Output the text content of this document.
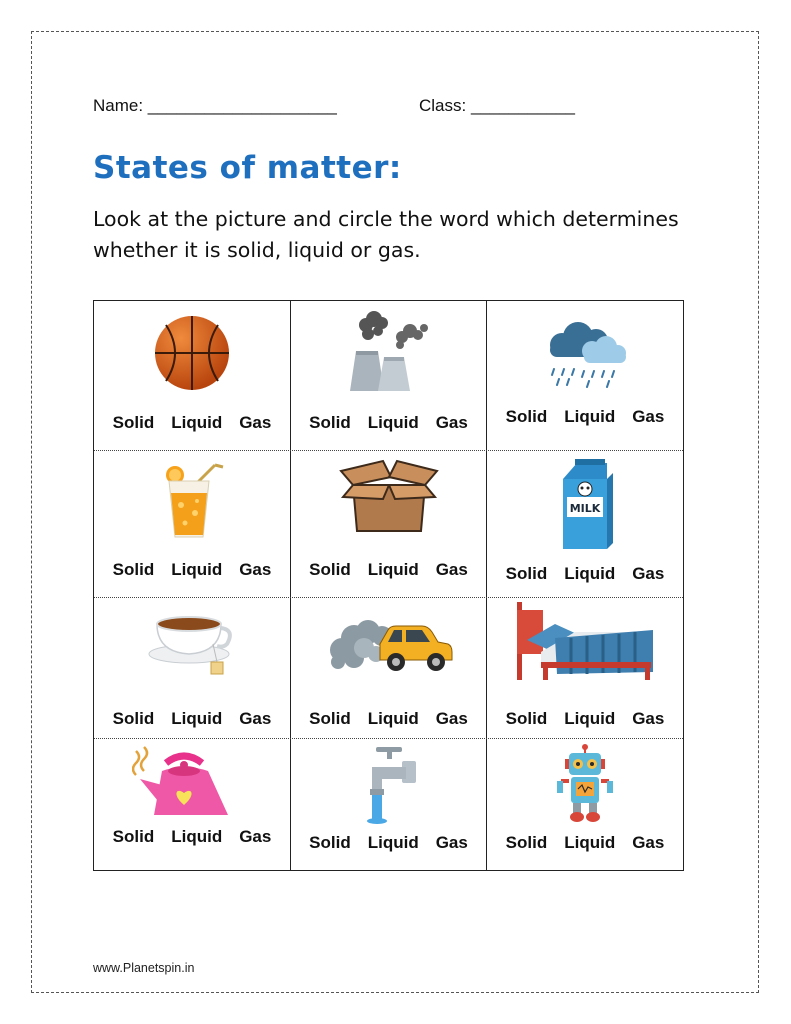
Name: ____________________	Class: ___________
States of matter:
Look at the picture and circle the word which determines whether it is solid, liquid or gas.
Solid Liquid Gas Solid Liquid Gas Solid Liquid Gas
Solid Liquid Gas Solid Liquid Gas
MILK
Solid Liquid Gas
Solid Liquid Gas Solid Liquid Gas Solid Liquid Gas
Solid Liquid Gas Solid Liquid Gas Solid Liquid Gas
www.Planetspin.in
